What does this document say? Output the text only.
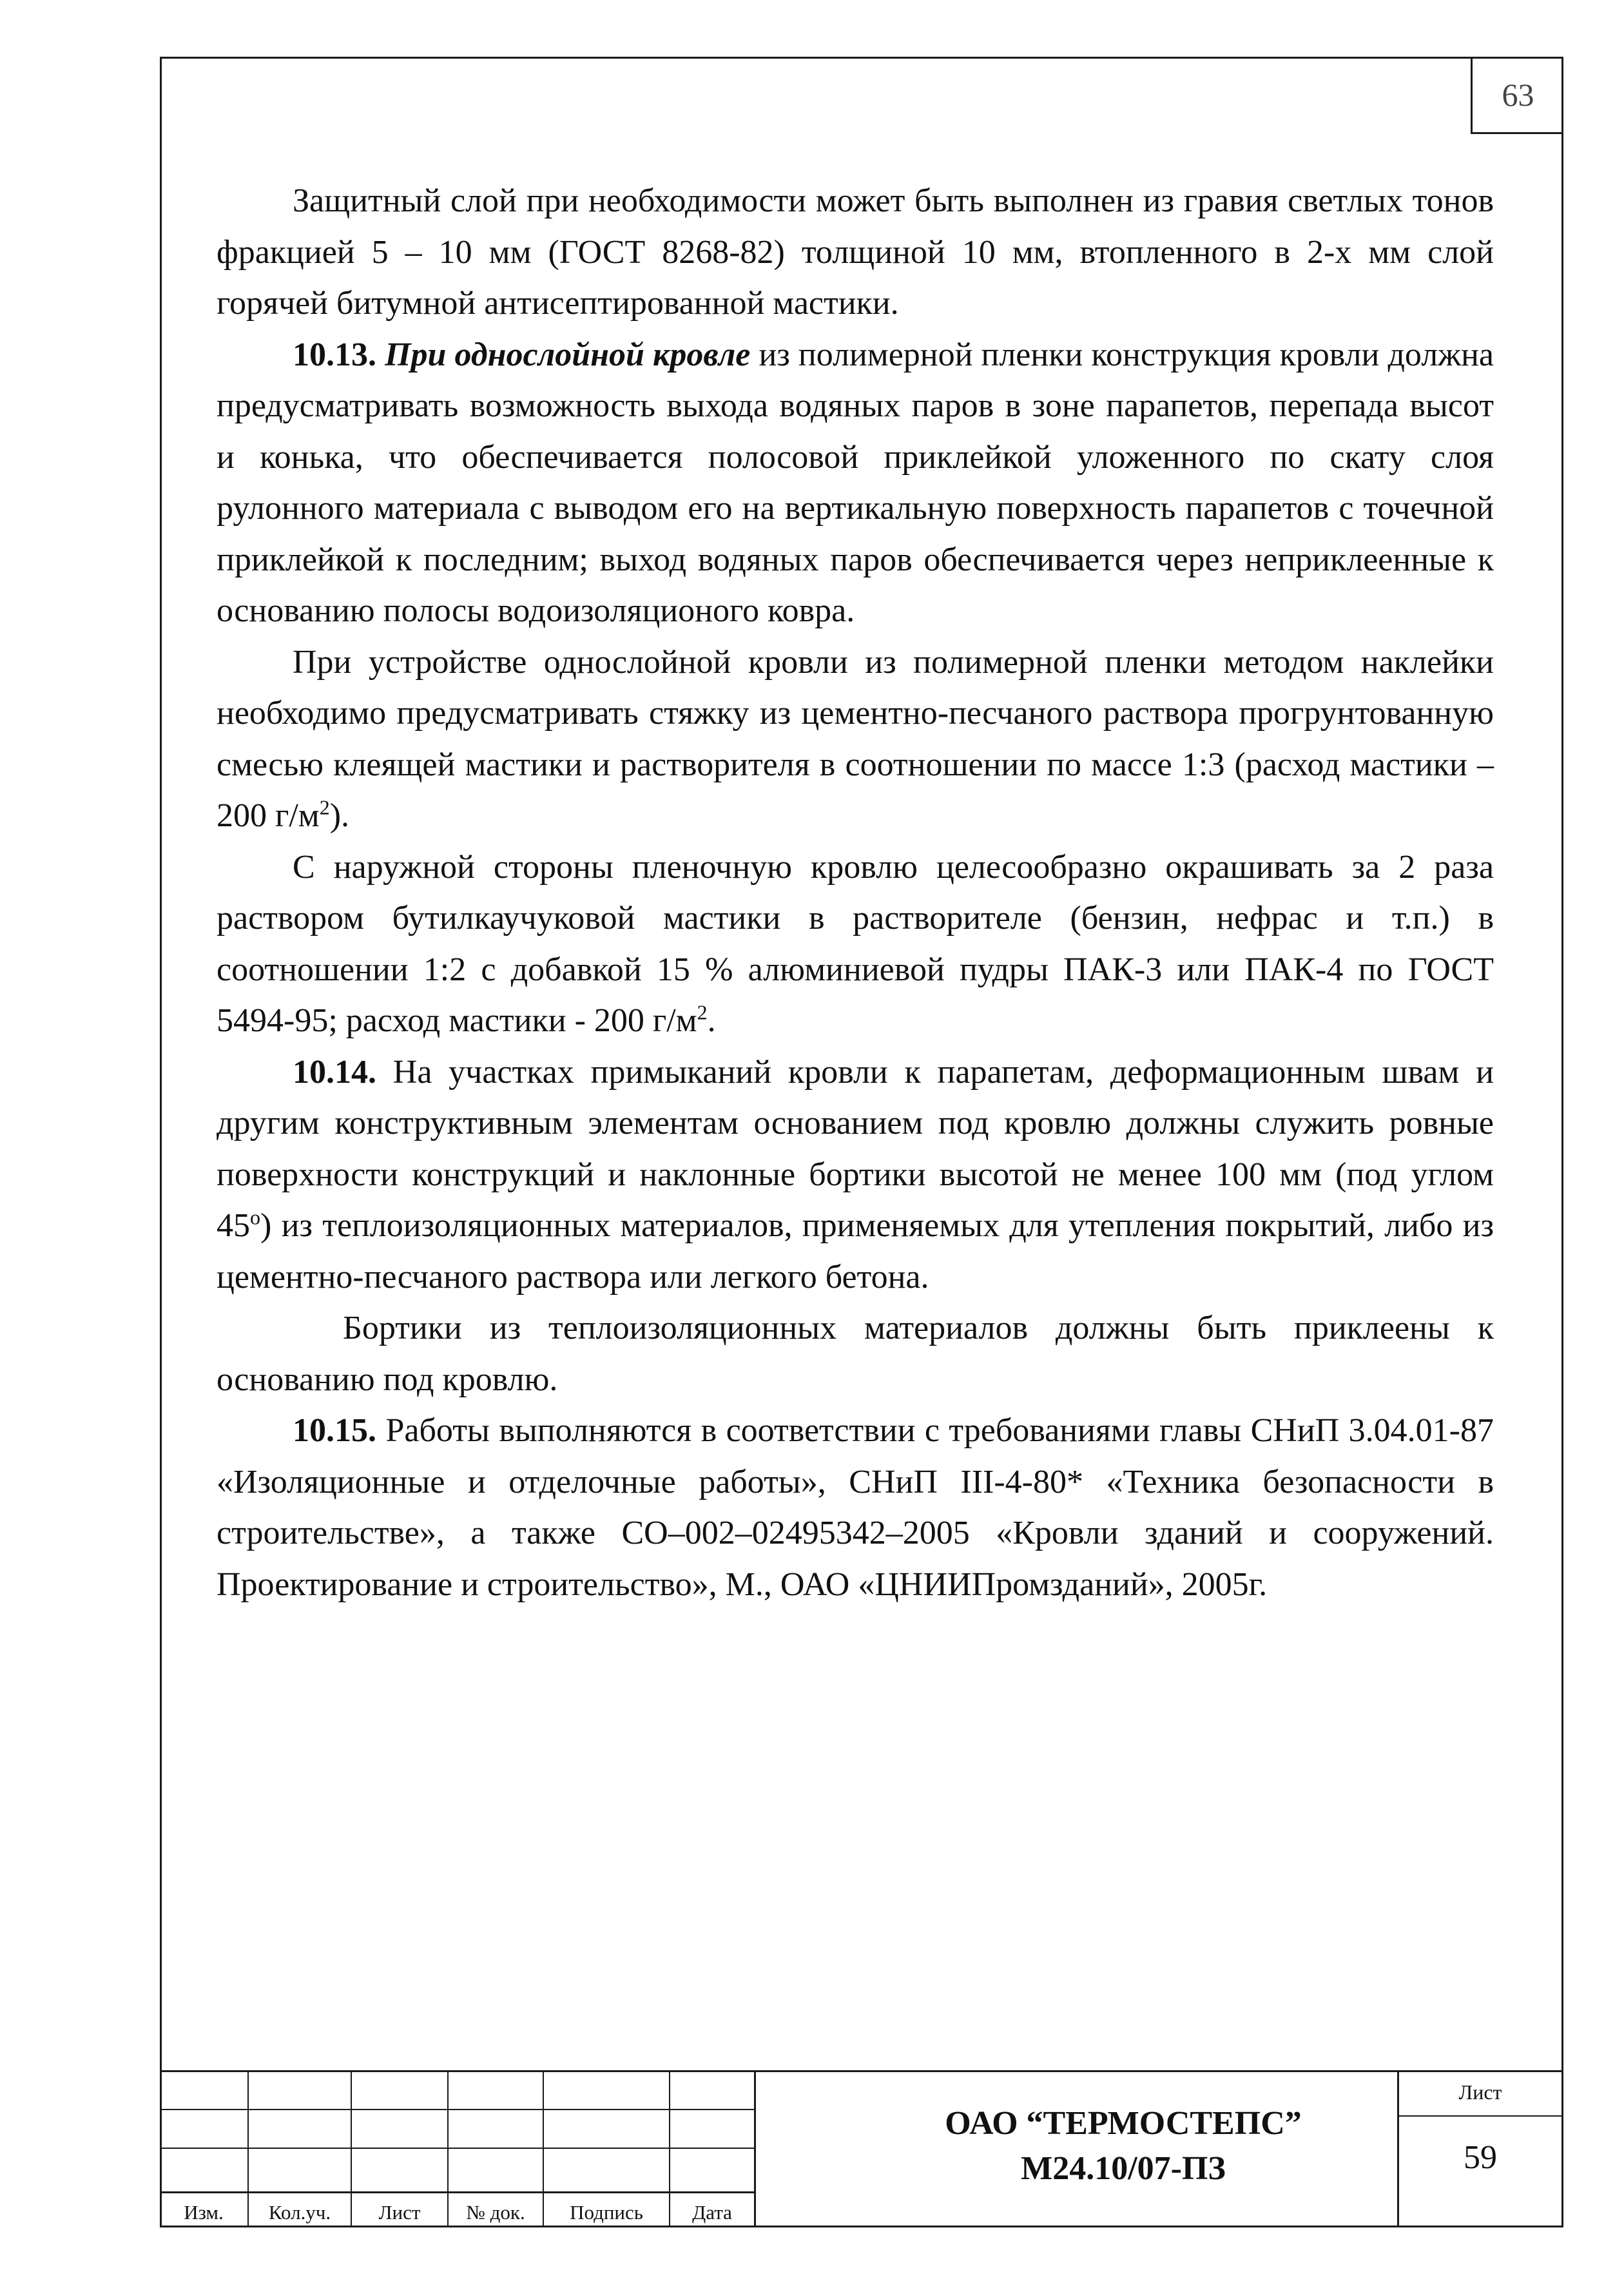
63

Защитный слой при необходимости может быть выполнен из гравия светлых тонов фракцией 5 – 10 мм (ГОСТ 8268-82) толщиной 10 мм, втопленного в 2-х мм слой горячей битумной антисептированной мастики.

10.13. При однослойной кровле из полимерной пленки конструкция кровли должна предусматривать возможность выхода водяных паров в зоне парапетов, перепада высот и конька, что обеспечивается полосовой приклейкой уложенного по скату слоя рулонного материала с выводом его на вертикальную поверхность парапетов с точечной приклейкой к последним; выход водяных паров обеспечивается через неприклеенные к основанию полосы водоизоляционого ковра.

При устройстве однослойной кровли из полимерной пленки методом наклейки необходимо предусматривать стяжку из цементно-песчаного раствора прогрунтованную смесью клеящей мастики и растворителя в соотношении по массе 1:3 (расход мастики – 200 $г/м^2$).

С наружной стороны пленочную кровлю целесообразно окрашивать за 2 раза раствором бутилкаучуковой мастики в растворителе (бензин, нефрас и т.п.) в соотношении 1:2 с добавкой 15 % алюминиевой пудры ПАК-3 или ПАК-4 по ГОСТ 5494-95; расход мастики - 200 $г/м^2$.

10.14. На участках примыканий кровли к парапетам, деформационным швам и другим конструктивным элементам основанием под кровлю должны служить ровные поверхности конструкций и наклонные бортики высотой не менее 100 мм (под углом $45^о$) из теплоизоляционных материалов, применяемых для утепления покрытий, либо из цементно-песчаного раствора или легкого бетона.

Бортики из теплоизоляционных материалов должны быть приклеены к основанию под кровлю.

10.15. Работы выполняются в соответствии с требованиями главы СНиП 3.04.01-87 «Изоляционные и отделочные работы», СНиП III-4-80* «Техника безопасности в строительстве», а также СО–002–02495342–2005 «Кровли зданий и сооружений. Проектирование и строительство», М., ОАО «ЦНИИПромзданий», 2005г.

Изм.	Кол.уч.	Лист	№ док.	Подпись	Дата
ОАО “ТЕРМОСТЕПС”
М24.10/07-ПЗ
Лист
59
